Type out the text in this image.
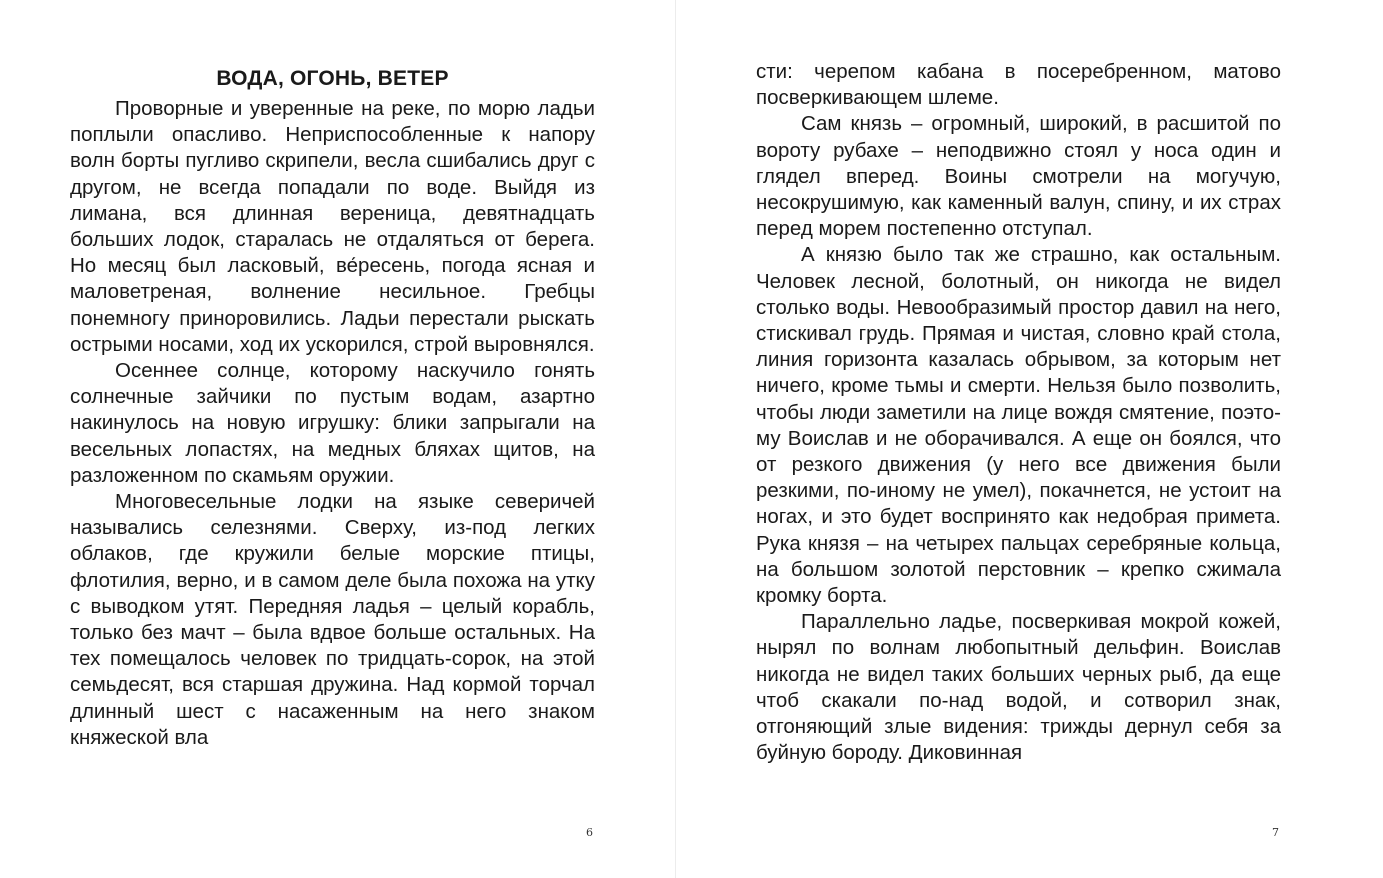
ВОДА, ОГОНЬ, ВЕТЕР

Проворные и уверенные на реке, по морю ладьи поплыли опасливо. Неприспособленные к напору волн борты пугливо скрипели, весла сшибались друг с другом, не всегда попадали по воде. Выйдя из лимана, вся длинная вереница, девятнадцать больших лодок, старалась не отдаляться от берега. Но месяц был ласковый, ве́ресень, погода ясная и маловетреная, волнение несильное. Гребцы понемногу приноровились. Ладьи перестали рыскать острыми носами, ход их ускорился, строй выровнялся.

Осеннее солнце, которому наскучило гонять солнечные зайчики по пустым водам, азартно накинулось на новую игрушку: блики запрыгали на весельных лопастях, на медных бляхах щитов, на разложенном по скамьям оружии.

Многовесельные лодки на языке северичей назывались селезнями. Сверху, из-под легких облаков, где кружили белые морские птицы, флотилия, верно, и в самом деле была похожа на утку с выводком утят. Передняя ладья – целый корабль, только без мачт – была вдвое больше остальных. На тех помещалось человек по тридцать-сорок, на этой семьдесят, вся старшая дружина. Над кормой торчал длинный шест с насаженным на него знаком княжеской вла

6

сти: черепом кабана в посеребренном, матово посверкивающем шлеме.

Сам князь – огромный, широкий, в расшитой по вороту рубахе – неподвижно стоял у носа один и глядел вперед. Воины смотрели на могучую, несокрушимую, как каменный валун, спину, и их страх перед морем постепенно отступал.

А князю было так же страшно, как остальным. Человек лесной, болотный, он никогда не видел столько воды. Невообразимый простор давил на него, стискивал грудь. Прямая и чистая, словно край стола, линия горизонта казалась обрывом, за которым нет ничего, кроме тьмы и смерти. Нельзя было позволить, чтобы люди заметили на лице вождя смятение, поэтому Воислав и не оборачивался. А еще он боялся, что от резкого движения (у него все движения были резкими, по-иному не умел), покачнется, не устоит на ногах, и это будет воспринято как недобрая примета. Рука князя – на четырех пальцах серебряные кольца, на большом золотой перстовник – крепко сжимала кромку борта.

Параллельно ладье, посверкивая мокрой кожей, нырял по волнам любопытный дельфин. Воислав никогда не видел таких больших черных рыб, да еще чтоб скакали по-над водой, и сотворил знак, отгоняющий злые видения: трижды дернул себя за буйную бороду. Диковинная

7
